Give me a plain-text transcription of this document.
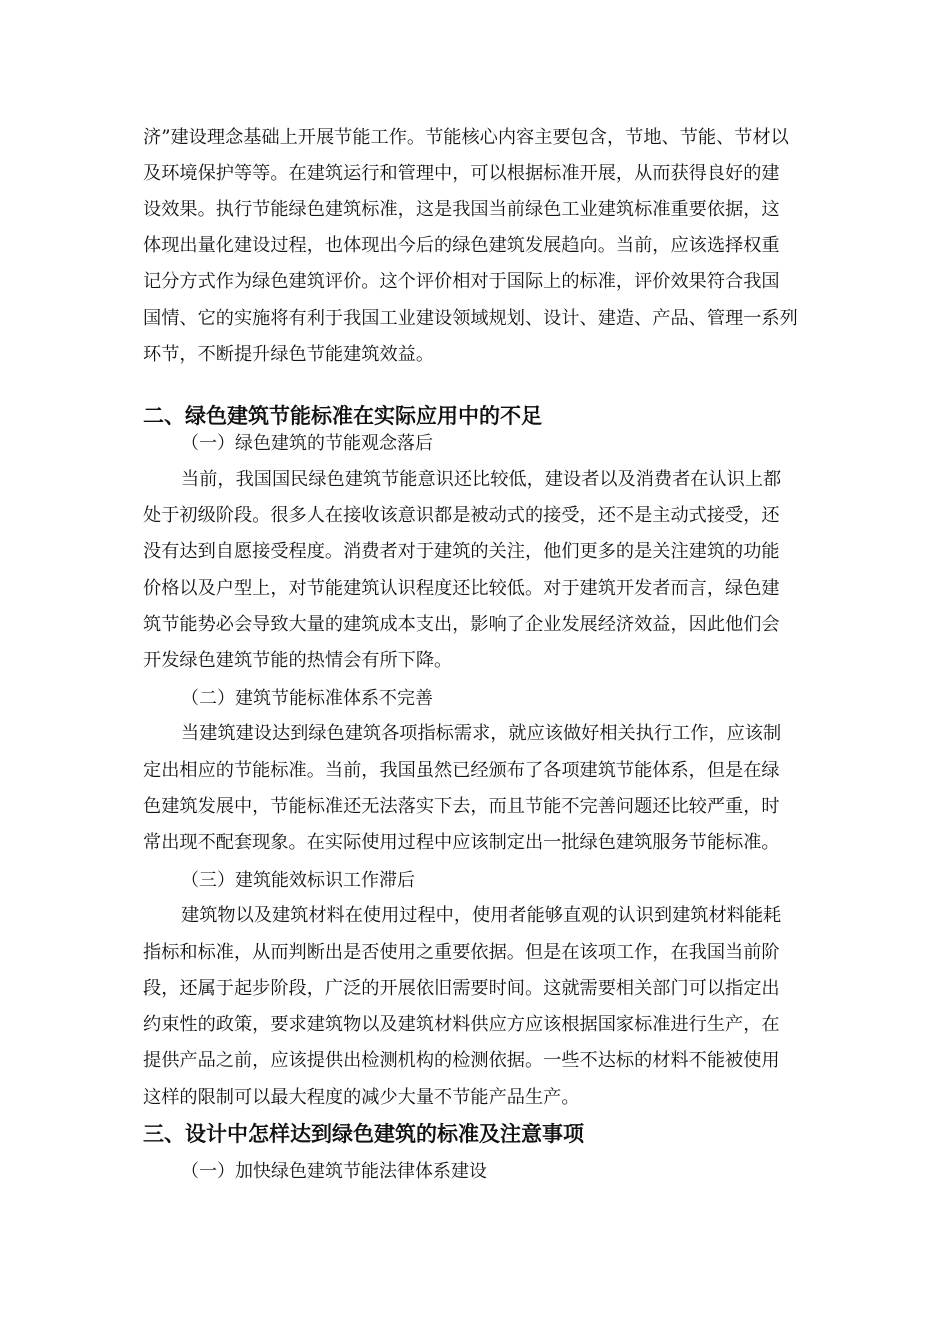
济”建设理念基础上开展节能工作。节能核心内容主要包含，节地、节能、节材以
及环境保护等等。在建筑运行和管理中，可以根据标准开展，从而获得良好的建
设效果。执行节能绿色建筑标准，这是我国当前绿色工业建筑标准重要依据，这
体现出量化建设过程，也体现出今后的绿色建筑发展趋向。当前，应该选择权重
记分方式作为绿色建筑评价。这个评价相对于国际上的标准，评价效果符合我国
国情、它的实施将有利于我国工业建设领域规划、设计、建造、产品、管理一系列
环节，不断提升绿色节能建筑效益。
二、绿色建筑节能标准在实际应用中的不足
（一）绿色建筑的节能观念落后
当前，我国国民绿色建筑节能意识还比较低，建设者以及消费者在认识上都
处于初级阶段。很多人在接收该意识都是被动式的接受，还不是主动式接受，还
没有达到自愿接受程度。消费者对于建筑的关注，他们更多的是关注建筑的功能
价格以及户型上，对节能建筑认识程度还比较低。对于建筑开发者而言，绿色建
筑节能势必会导致大量的建筑成本支出，影响了企业发展经济效益，因此他们会
开发绿色建筑节能的热情会有所下降。
（二）建筑节能标准体系不完善
当建筑建设达到绿色建筑各项指标需求，就应该做好相关执行工作，应该制
定出相应的节能标准。当前，我国虽然已经颁布了各项建筑节能体系，但是在绿
色建筑发展中，节能标准还无法落实下去，而且节能不完善问题还比较严重，时
常出现不配套现象。在实际使用过程中应该制定出一批绿色建筑服务节能标准。
（三）建筑能效标识工作滞后
建筑物以及建筑材料在使用过程中，使用者能够直观的认识到建筑材料能耗
指标和标准，从而判断出是否使用之重要依据。但是在该项工作，在我国当前阶
段，还属于起步阶段，广泛的开展依旧需要时间。这就需要相关部门可以指定出
约束性的政策，要求建筑物以及建筑材料供应方应该根据国家标准进行生产，在
提供产品之前，应该提供出检测机构的检测依据。一些不达标的材料不能被使用
这样的限制可以最大程度的减少大量不节能产品生产。
三、设计中怎样达到绿色建筑的标准及注意事项
（一）加快绿色建筑节能法律体系建设
